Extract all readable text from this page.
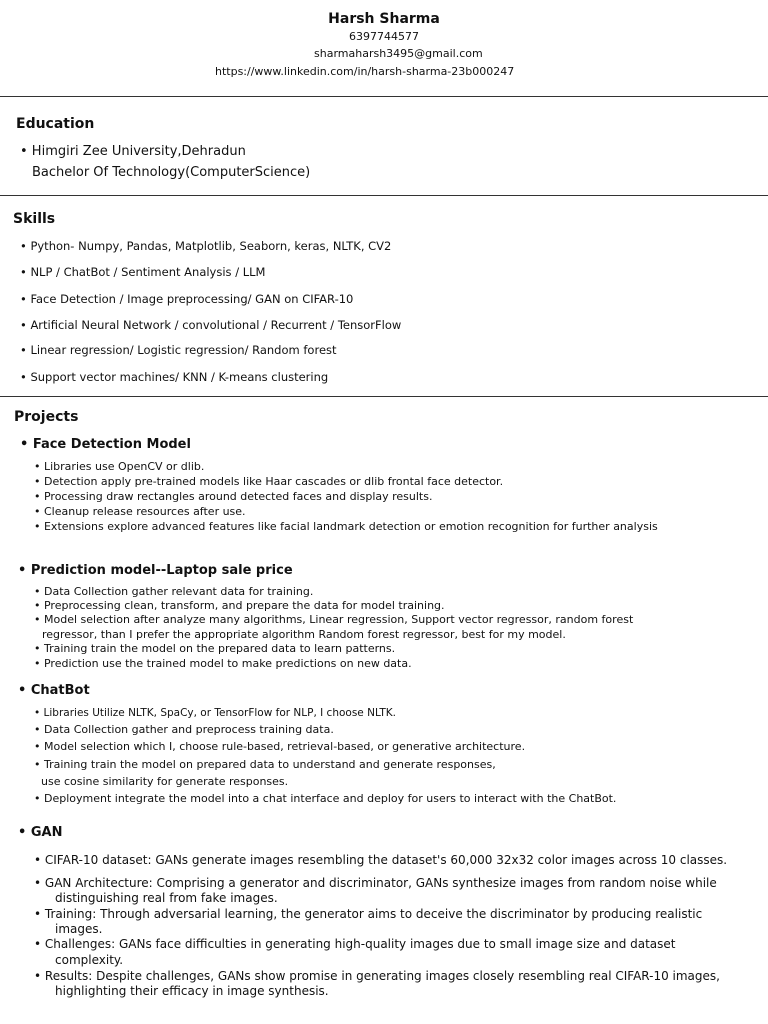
Harsh Sharma
6397744577
sharmaharsh3495@gmail.com
https://www.linkedin.com/in/harsh-sharma-23b000247
Education
• Himgiri Zee University,Dehradun
Bachelor Of Technology(ComputerScience)
Skills
• Python- Numpy, Pandas, Matplotlib, Seaborn, keras, NLTK, CV2
• NLP / ChatBot / Sentiment Analysis / LLM
• Face Detection / Image preprocessing/ GAN on CIFAR-10
• Artificial Neural Network / convolutional / Recurrent / TensorFlow
• Linear regression/ Logistic regression/ Random forest
• Support vector machines/ KNN / K-means clustering
Projects
• Face Detection Model
• Libraries use OpenCV or dlib.
• Detection apply pre-trained models like Haar cascades or dlib frontal face detector.
• Processing draw rectangles around detected faces and display results.
• Cleanup release resources after use.
• Extensions explore advanced features like facial landmark detection or emotion recognition for further analysis
• Prediction model--Laptop sale price
• Data Collection gather relevant data for training.
• Preprocessing clean, transform, and prepare the data for model training.
• Model selection after analyze many algorithms, Linear regression, Support vector regressor, random forest
regressor, than I prefer the appropriate algorithm Random forest regressor, best for my model.
• Training train the model on the prepared data to learn patterns.
• Prediction use the trained model to make predictions on new data.
• ChatBot
• Libraries Utilize NLTK, SpaCy, or TensorFlow for NLP, I choose NLTK.
• Data Collection gather and preprocess training data.
• Model selection which I, choose rule-based, retrieval-based, or generative architecture.
• Training train the model on prepared data to understand and generate responses,
use cosine similarity for generate responses.
• Deployment integrate the model into a chat interface and deploy for users to interact with the ChatBot.
• GAN
• CIFAR-10 dataset: GANs generate images resembling the dataset's 60,000 32x32 color images across 10 classes.
• GAN Architecture: Comprising a generator and discriminator, GANs synthesize images from random noise while
distinguishing real from fake images.
• Training: Through adversarial learning, the generator aims to deceive the discriminator by producing realistic
images.
• Challenges: GANs face difficulties in generating high-quality images due to small image size and dataset
complexity.
• Results: Despite challenges, GANs show promise in generating images closely resembling real CIFAR-10 images,
highlighting their efficacy in image synthesis.
